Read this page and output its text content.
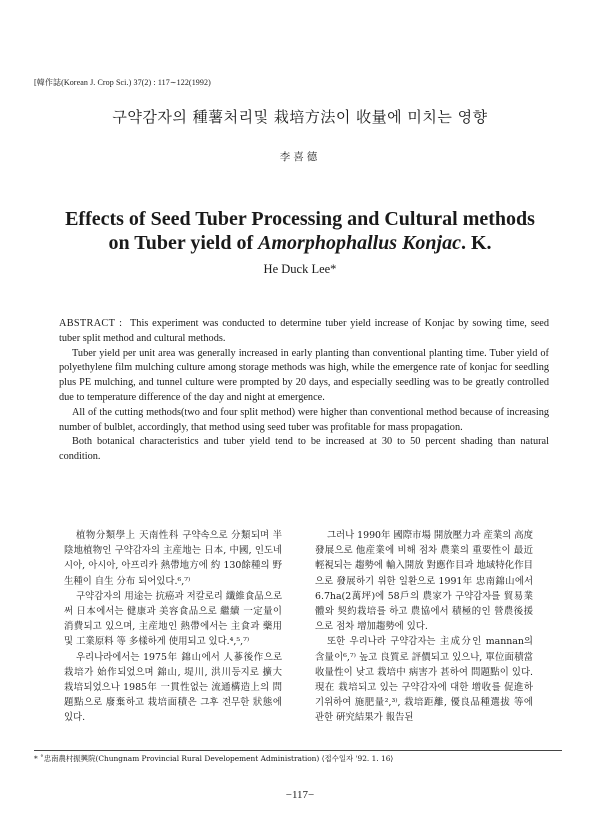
[韓作誌(Korean J. Crop Sci.) 37(2) : 117∼122(1992)
구약감자의 種薯처리및 栽培方法이 收量에 미치는 영향
李喜德
Effects of Seed Tuber Processing and Cultural methods
on Tuber yield of Amorphophallus Konjac. K.
He Duck Lee*

ABSTRACT : This experiment was conducted to determine tuber yield increase of Konjac by sowing time, seed tuber split method and cultural methods.

Tuber yield per unit area was generally increased in early planting than conventional planting time. Tuber yield of polyethylene film mulching culture among storage methods was high, while the emergence rate of konjac for seedling plus PE mulching, and tunnel culture were prompted by 20 days, and especially seedling was to be greatly controlled due to temperature difference of the day and night at emergence.

All of the cutting methods(two and four split method) were higher than conventional method because of increasing number of bulblet, accordingly, that method using seed tuber was profitable for mass propagation.

Both botanical characteristics and tuber yield tend to be increased at 30 to 50 percent shading than natural condition.

植物分類學上 天南性科 구약속으로 分類되며 半陰地植物인 구약감자의 主産地는 日本, 中國, 인도네시아, 아시아, 아프리카 熱帶地方에 約 130餘種의 野生種이 自生 分布 되어있다.⁶,⁷⁾

구약감자의 用途는 抗癌과 저칼로리 纖維食品으로써 日本에서는 健康과 美容食品으로 繼續 一定量이 消費되고 있으며, 主産地인 熱帶에서는 主食과 藥用및 工業原料 等 多樣하게 使用되고 있다.⁴,⁵,⁷⁾

우리나라에서는 1975年 錦山에서 人蔘後作으로 栽培가 始作되었으며 錦山, 堤川, 洪川등지로 擴大 栽培되었으나 1985年 一貫性없는 流通構造上의 問題點으로 廢棄하고 栽培面積은 그후 전무한 狀態에 있다.

그러나 1990年 國際市場 開放壓力과 産業의 高度發展으로 他産業에 비해 점차 農業의 重要性이 最近輕視되는 趨勢에 輸入開放 對應作目과 地域特化作目으로 發展하기 위한 일환으로 1991年 忠南錦山에서 6.7ha(2萬坪)에 58戶의 農家가 구약감자를 貿易業體와 契約栽培를 하고 農協에서 積極的인 營農後援으로 점차 增加趨勢에 있다.

또한 우리나라 구약감자는 主成分인 mannan의 含量이⁶,⁷⁾ 높고 良質로 評價되고 있으나, 單位面積當 收量性이 낮고 栽培中 病害가 甚하여 問題點이 있다. 現在 栽培되고 있는 구약감자에 대한 增收를 促進하기위하여 施肥量²,³⁾, 栽培距離, 優良品種選拔 等에 관한 硏究結果가 報告된

* ˚忠南農村振興院(Chungnam Provincial Rural Developement Administration) ⟨접수일자 '92. 1. 16⟩
−117−
